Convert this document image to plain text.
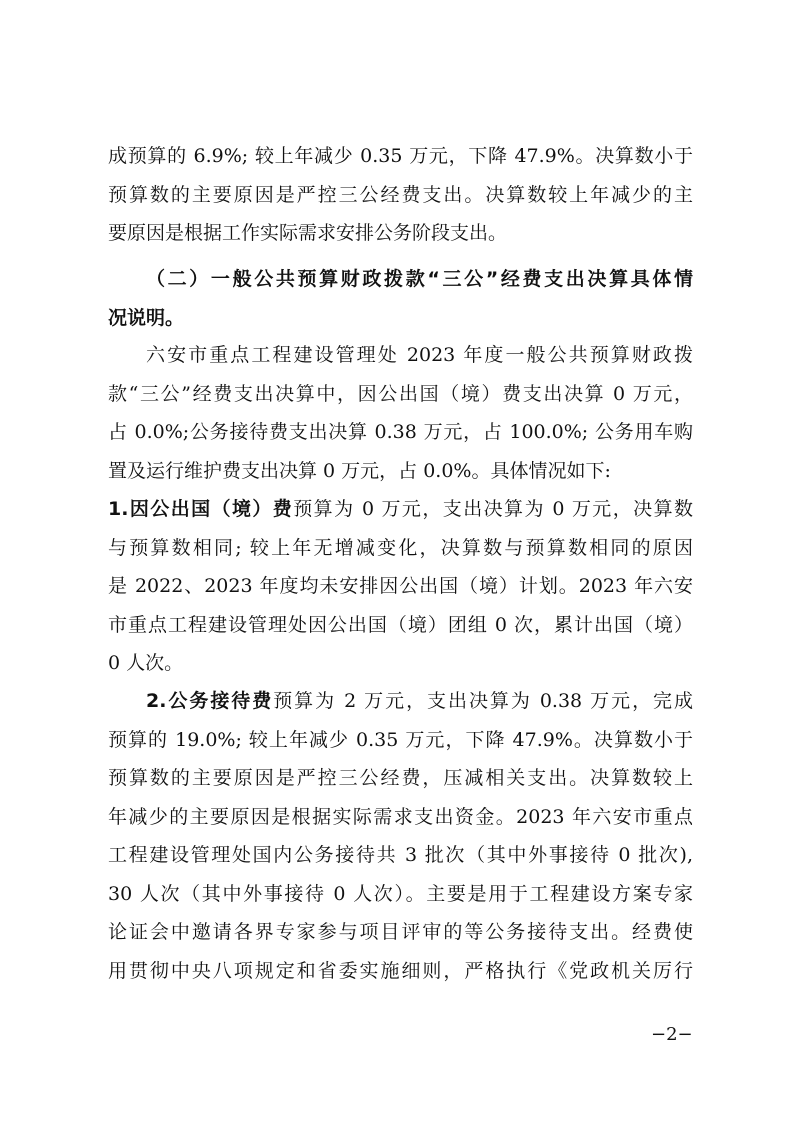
成预算的 6.9%; 较上年减少 0.35 万元，下降 47.9%。决算数小于
预算数的主要原因是严控三公经费支出。决算数较上年减少的主
要原因是根据工作实际需求安排公务阶段支出。
（二）一般公共预算财政拨款“三公”经费支出决算具体情
况说明。
六安市重点工程建设管理处 2023 年度一般公共预算财政拨
款“三公”经费支出决算中，因公出国（境）费支出决算 0 万元，
占 0.0%;公务接待费支出决算 0.38 万元，占 100.0%; 公务用车购
置及运行维护费支出决算 0 万元，占 0.0%。具体情况如下:
1.因公出国（境）费预算为 0 万元，支出决算为 0 万元，决算数
与预算数相同; 较上年无增减变化，决算数与预算数相同的原因
是 2022、2023 年度均未安排因公出国（境）计划。2023 年六安
市重点工程建设管理处因公出国（境）团组 0 次，累计出国（境）
0 人次。
2.公务接待费预算为 2 万元，支出决算为 0.38 万元，完成
预算的 19.0%; 较上年减少 0.35 万元，下降 47.9%。决算数小于
预算数的主要原因是严控三公经费，压减相关支出。决算数较上
年减少的主要原因是根据实际需求支出资金。2023 年六安市重点
工程建设管理处国内公务接待共 3 批次（其中外事接待 0 批次),
30 人次（其中外事接待 0 人次）。主要是用于工程建设方案专家
论证会中邀请各界专家参与项目评审的等公务接待支出。经费使
用贯彻中央八项规定和省委实施细则，严格执行《党政机关厉行
−2−
